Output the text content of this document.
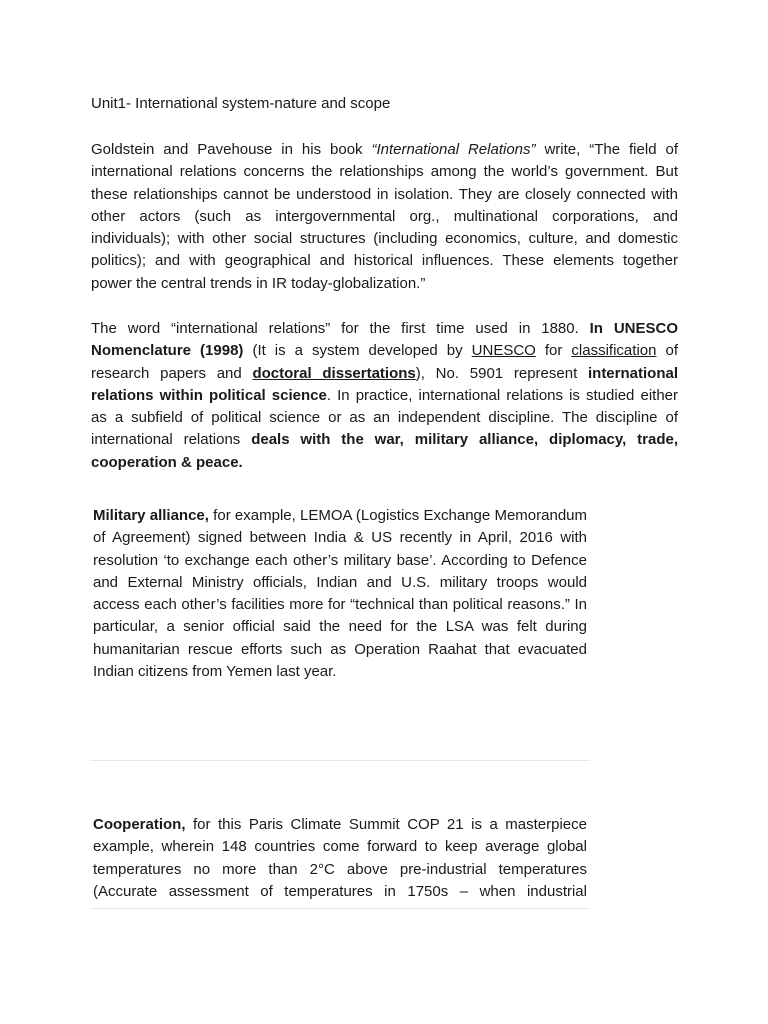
Unit1- International system-nature and scope

Goldstein and Pavehouse in his book “International Relations” write, “The field of international relations concerns the relationships among the world’s government. But these relationships cannot be understood in isolation. They are closely connected with other actors (such as intergovernmental org., multinational corporations, and individuals); with other social structures (including economics, culture, and domestic politics); and with geographical and historical influences. These elements together power the central trends in IR today-globalization.”

The word “international relations” for the first time used in 1880. In UNESCO Nomenclature (1998) (It is a system developed by UNESCO for classification of research papers and doctoral dissertations), No. 5901 represent international relations within political science. In practice, international relations is studied either as a subfield of political science or as an independent discipline. The discipline of international relations deals with the war, military alliance, diplomacy, trade, cooperation & peace.

Military alliance, for example, LEMOA (Logistics Exchange Memorandum of Agreement) signed between India & US recently in April, 2016 with resolution ‘to exchange each other’s military base’. According to Defence and External Ministry officials, Indian and U.S. military troops would access each other’s facilities more for “technical than political reasons.” In particular, a senior official said the need for the LSA was felt during humanitarian rescue efforts such as Operation Raahat that evacuated Indian citizens from Yemen last year.

Cooperation, for this Paris Climate Summit COP 21 is a masterpiece example, wherein 148 countries come forward to keep average global temperatures no more than 2°C above pre-industrial temperatures (Accurate assessment of temperatures in 1750s – when industrial
